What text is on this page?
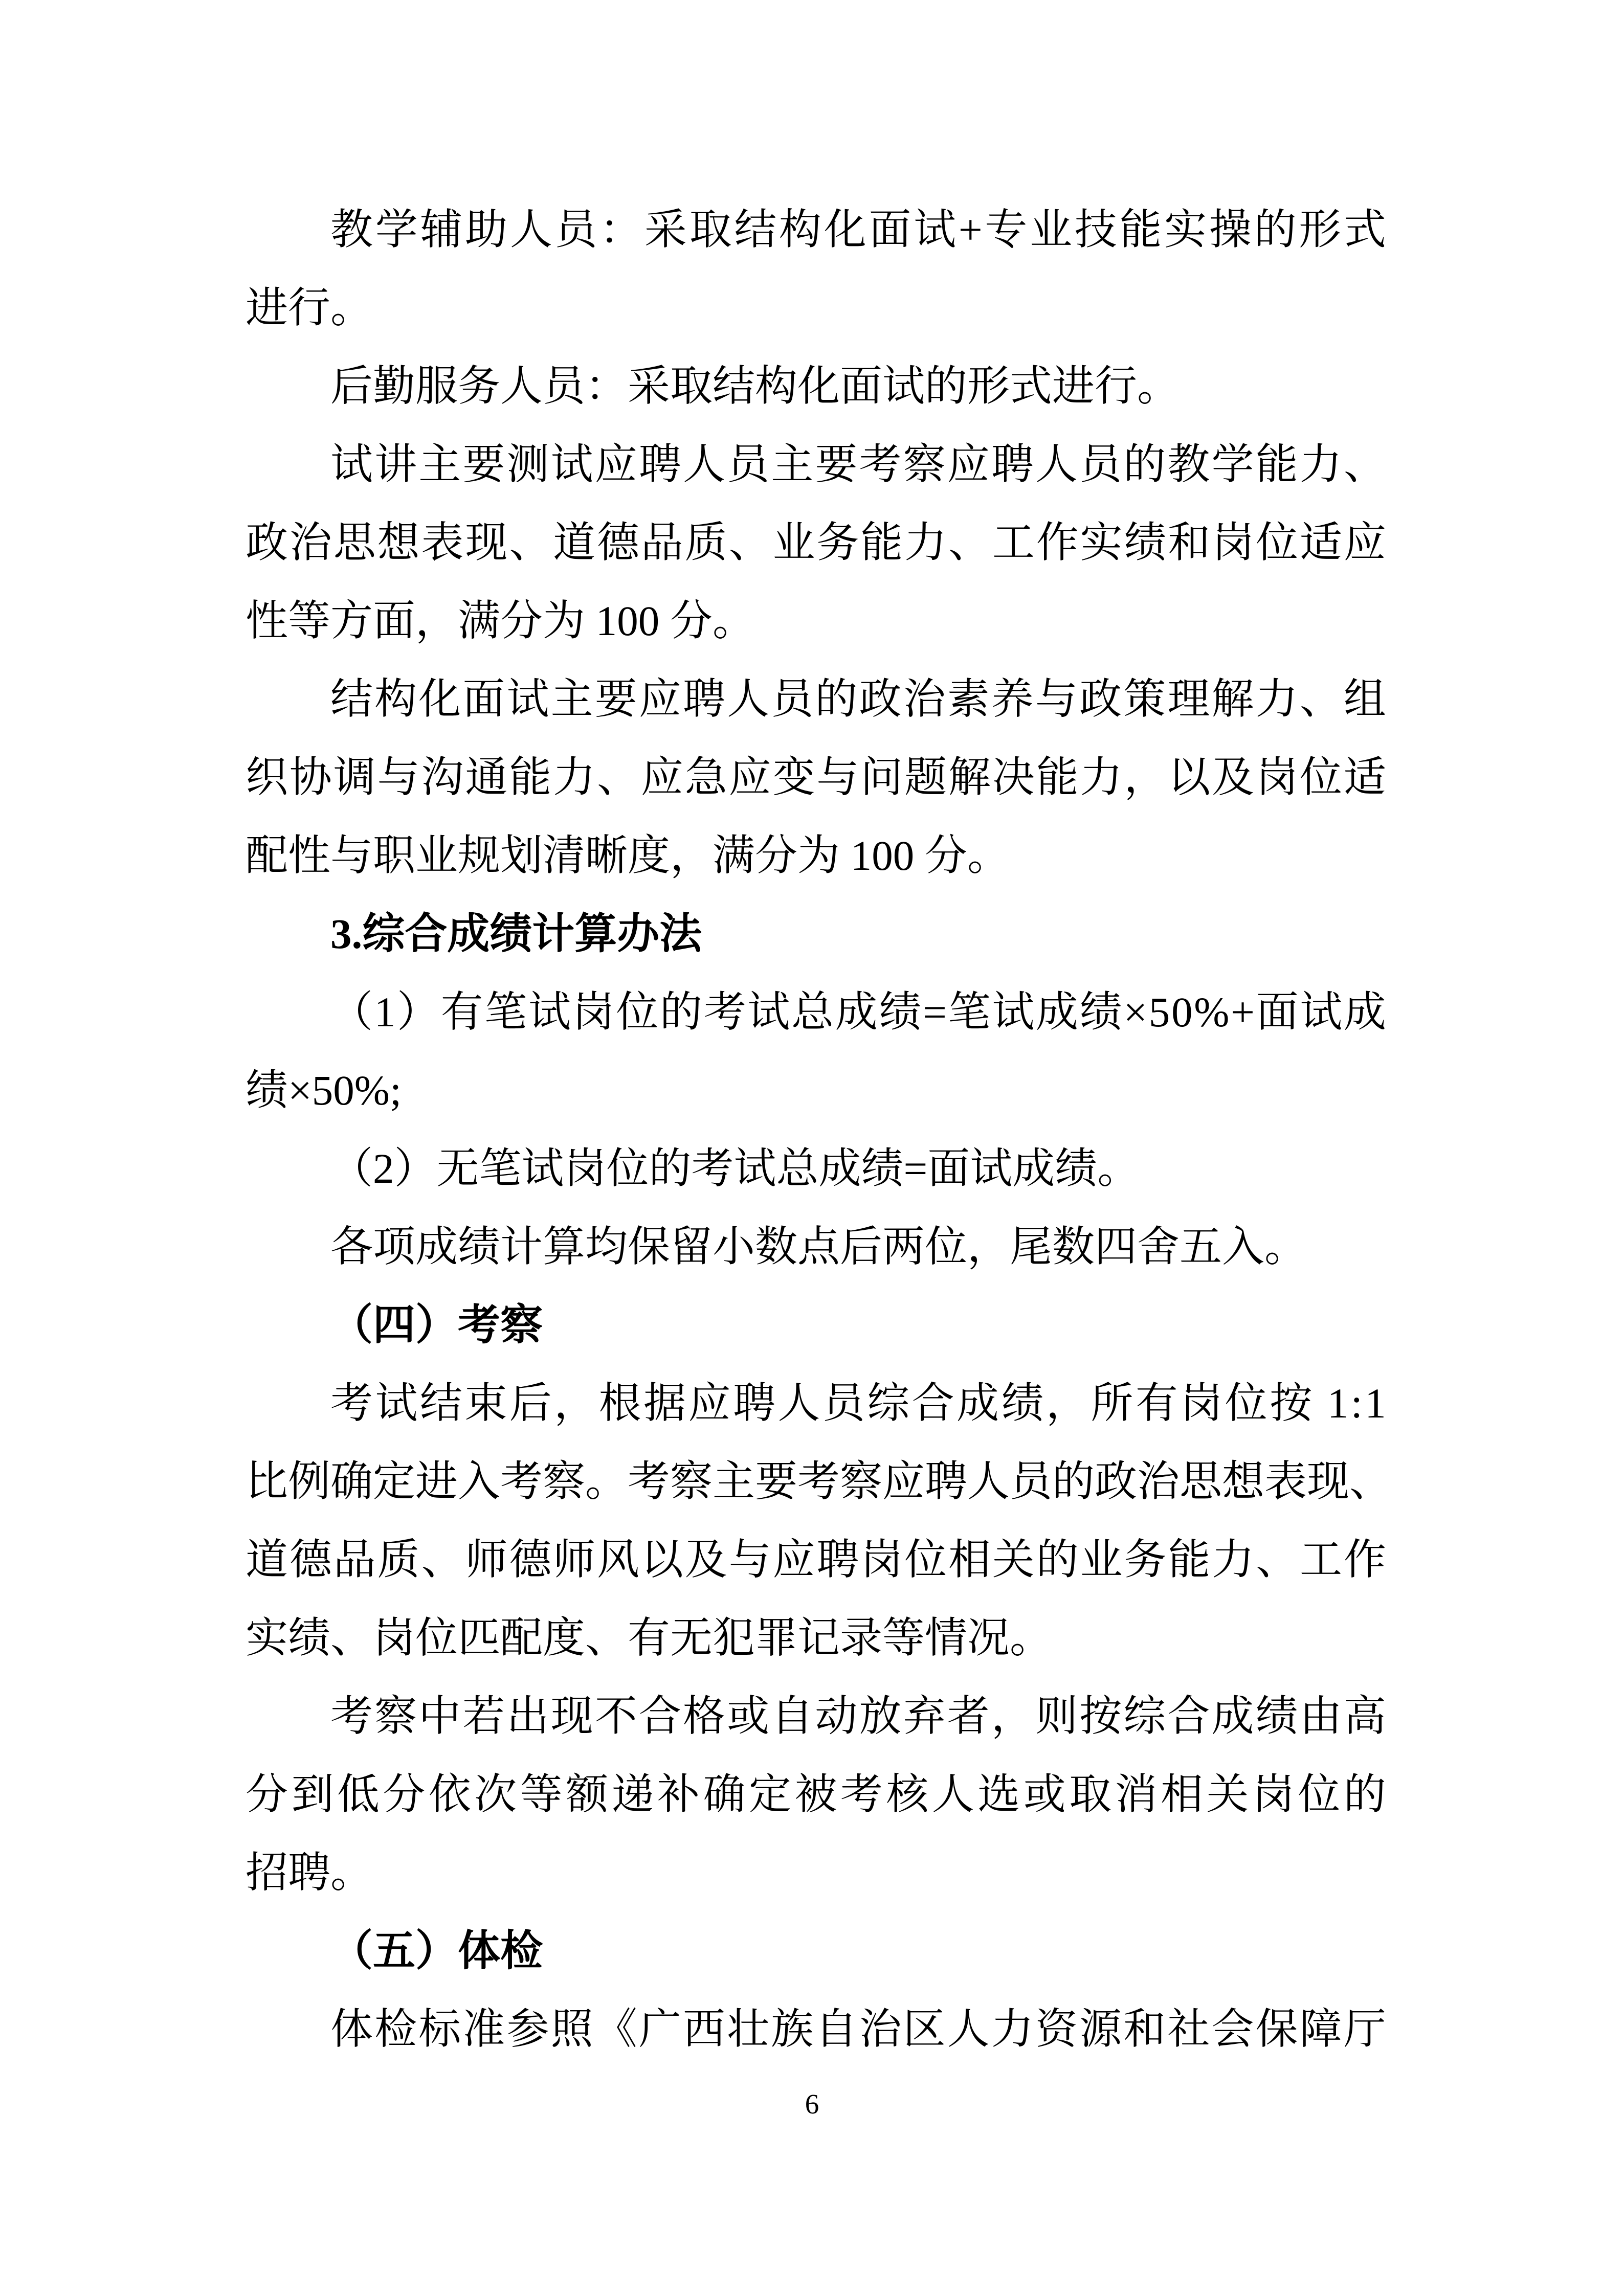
教 学 辅 助 人 员 ： 采 取 结 构 化 面 试 + 专 业 技 能 实 操 的 形 式
进行。
后勤服务人员：采取结构化面试的形式进行。
试 讲 主 要 测 试 应 聘 人 员 主 要 考 察 应 聘 人 员 的 教 学 能 力 、
政 治 思 想 表 现 、 道 德 品 质 、 业 务 能 力 、 工 作 实 绩 和 岗 位 适 应
性等方面，满分为 100 分。
结 构 化 面 试 主 要 应 聘 人 员 的 政 治 素 养 与 政 策 理 解 力 、 组
织 协 调 与 沟 通 能 力 、 应 急 应 变 与 问 题 解 决 能 力 ， 以 及 岗 位 适
配性与职业规划清晰度，满分为 100 分。
3.综合成绩计算办法
（ 1 ） 有 笔 试 岗 位 的 考 试 总 成 绩 = 笔 试 成 绩 × 5 0 % + 面 试 成
绩×50%;
（2）无笔试岗位的考试总成绩=面试成绩。
各项成绩计算均保留小数点后两位，尾数四舍五入。
（四）考察
考 试 结 束 后 ， 根 据 应 聘 人 员 综 合 成 绩 ， 所 有 岗 位 按
1 : 1
比 例 确 定 进 入 考 察 。 考 察 主 要 考 察 应 聘 人 员 的 政 治 思 想 表 现 、
道 德 品 质 、 师 德 师 风 以 及 与 应 聘 岗 位 相 关 的 业 务 能 力 、 工 作
实绩、岗位匹配度、有无犯罪记录等情况。
考 察 中 若 出 现 不 合 格 或 自 动 放 弃 者 ， 则 按 综 合 成 绩 由 高
分 到 低 分 依 次 等 额 递 补 确 定 被 考 核 人 选 或 取 消 相 关 岗 位 的
招聘。
（五）体检
体 检 标 准 参 照 《 广 西 壮 族 自 治 区 人 力 资 源 和 社 会 保 障 厅
6
